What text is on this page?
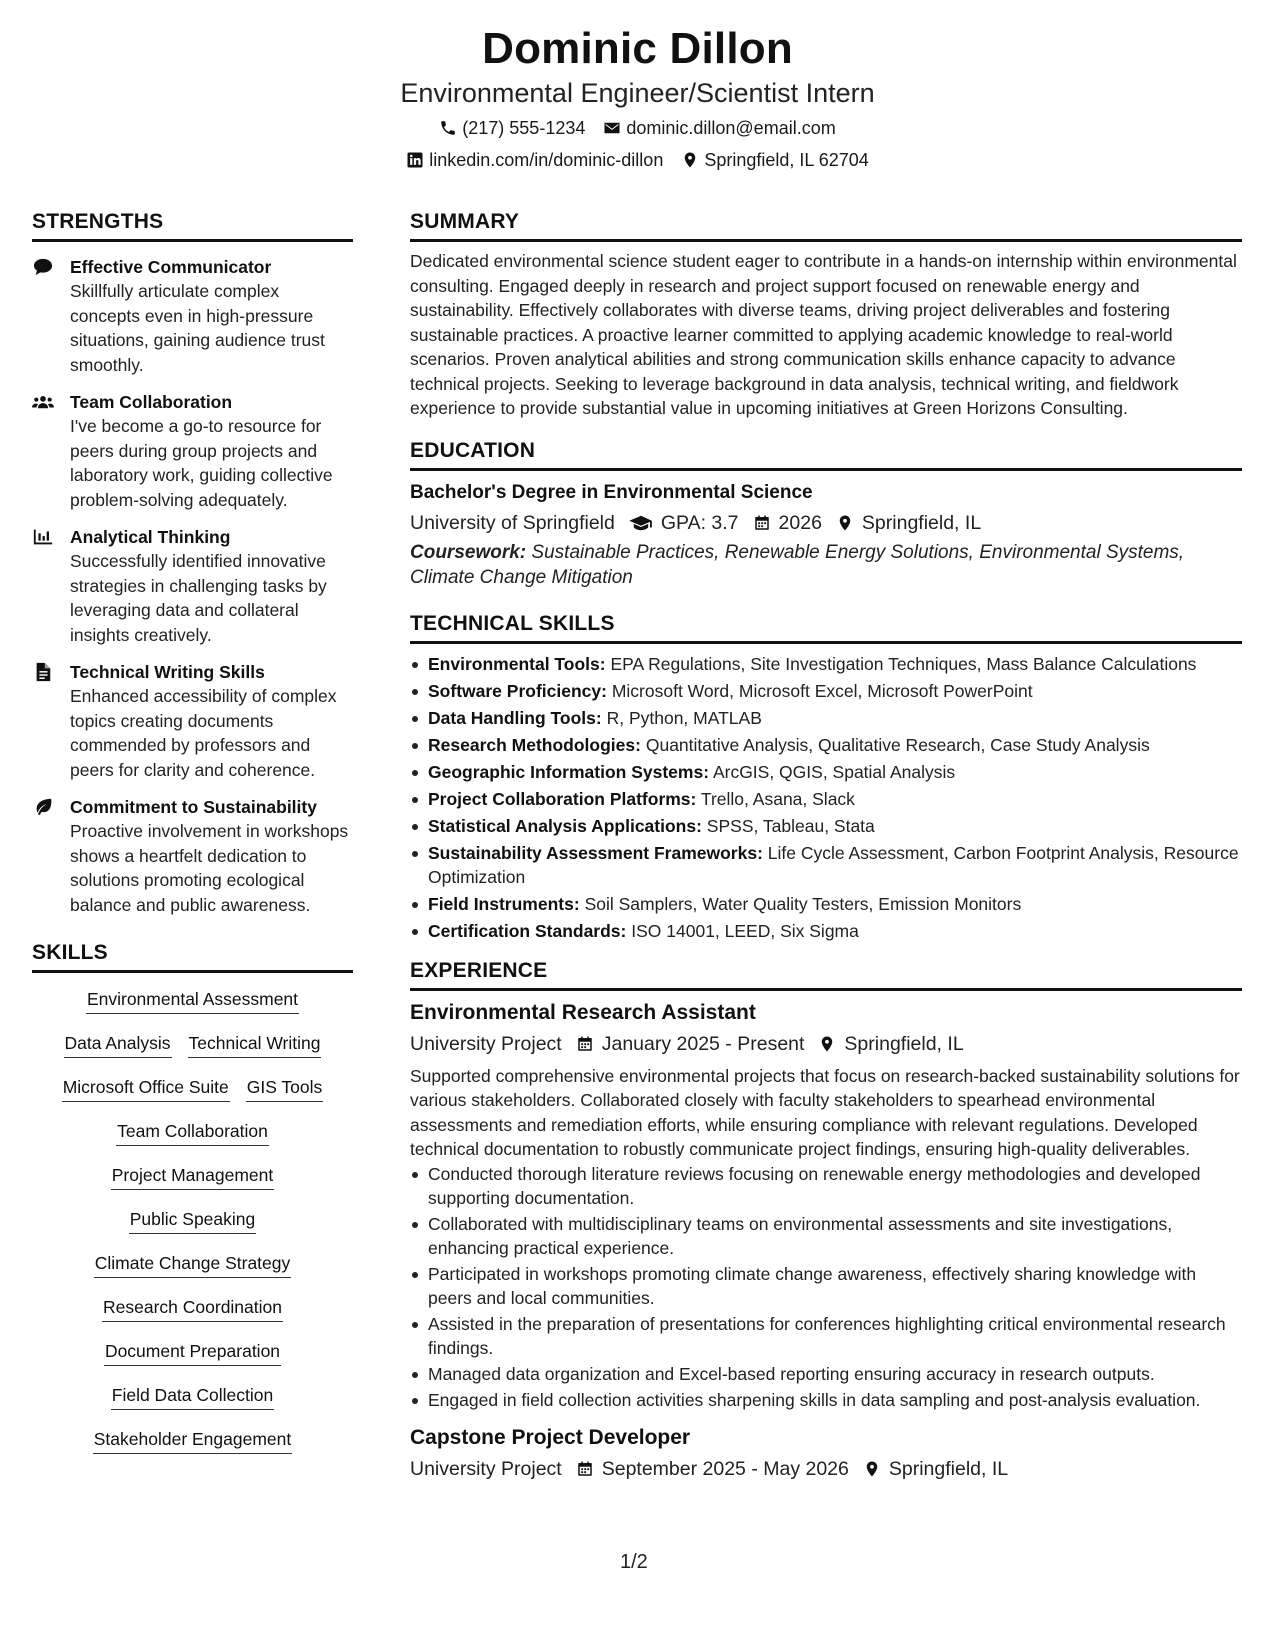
Dominic Dillon
Environmental Engineer/Scientist Intern
(217) 555-1234 dominic.dillon@email.com
linkedin.com/in/dominic-dillon Springfield, IL 62704
STRENGTHS
Effective Communicator
Skillfully articulate complex concepts even in high-pressure situations, gaining audience trust smoothly.
Team Collaboration
I've become a go-to resource for peers during group projects and laboratory work, guiding collective problem-solving adequately.
Analytical Thinking
Successfully identified innovative strategies in challenging tasks by leveraging data and collateral insights creatively.
Technical Writing Skills
Enhanced accessibility of complex topics creating documents commended by professors and peers for clarity and coherence.
Commitment to Sustainability
Proactive involvement in workshops shows a heartfelt dedication to solutions promoting ecological balance and public awareness.
SKILLS
Environmental Assessment
Data Analysis Technical Writing
Microsoft Office Suite GIS Tools
Team Collaboration
Project Management
Public Speaking
Climate Change Strategy
Research Coordination
Document Preparation
Field Data Collection
Stakeholder Engagement
SUMMARY
Dedicated environmental science student eager to contribute in a hands-on internship within environmental consulting. Engaged deeply in research and project support focused on renewable energy and sustainability. Effectively collaborates with diverse teams, driving project deliverables and fostering sustainable practices. A proactive learner committed to applying academic knowledge to real-world scenarios. Proven analytical abilities and strong communication skills enhance capacity to advance technical projects. Seeking to leverage background in data analysis, technical writing, and fieldwork experience to provide substantial value in upcoming initiatives at Green Horizons Consulting.
EDUCATION
Bachelor's Degree in Environmental Science
University of Springfield GPA: 3.7 2026 Springfield, IL
Coursework: Sustainable Practices, Renewable Energy Solutions, Environmental Systems, Climate Change Mitigation
TECHNICAL SKILLS
Environmental Tools: EPA Regulations, Site Investigation Techniques, Mass Balance Calculations
Software Proficiency: Microsoft Word, Microsoft Excel, Microsoft PowerPoint
Data Handling Tools: R, Python, MATLAB
Research Methodologies: Quantitative Analysis, Qualitative Research, Case Study Analysis
Geographic Information Systems: ArcGIS, QGIS, Spatial Analysis
Project Collaboration Platforms: Trello, Asana, Slack
Statistical Analysis Applications: SPSS, Tableau, Stata
Sustainability Assessment Frameworks: Life Cycle Assessment, Carbon Footprint Analysis, Resource Optimization
Field Instruments: Soil Samplers, Water Quality Testers, Emission Monitors
Certification Standards: ISO 14001, LEED, Six Sigma
EXPERIENCE
Environmental Research Assistant
University Project January 2025 - Present Springfield, IL
Supported comprehensive environmental projects that focus on research-backed sustainability solutions for various stakeholders. Collaborated closely with faculty stakeholders to spearhead environmental assessments and remediation efforts, while ensuring compliance with relevant regulations. Developed technical documentation to robustly communicate project findings, ensuring high-quality deliverables.
Conducted thorough literature reviews focusing on renewable energy methodologies and developed supporting documentation.
Collaborated with multidisciplinary teams on environmental assessments and site investigations, enhancing practical experience.
Participated in workshops promoting climate change awareness, effectively sharing knowledge with peers and local communities.
Assisted in the preparation of presentations for conferences highlighting critical environmental research findings.
Managed data organization and Excel-based reporting ensuring accuracy in research outputs.
Engaged in field collection activities sharpening skills in data sampling and post-analysis evaluation.
Capstone Project Developer
University Project September 2025 - May 2026 Springfield, IL
1/2
